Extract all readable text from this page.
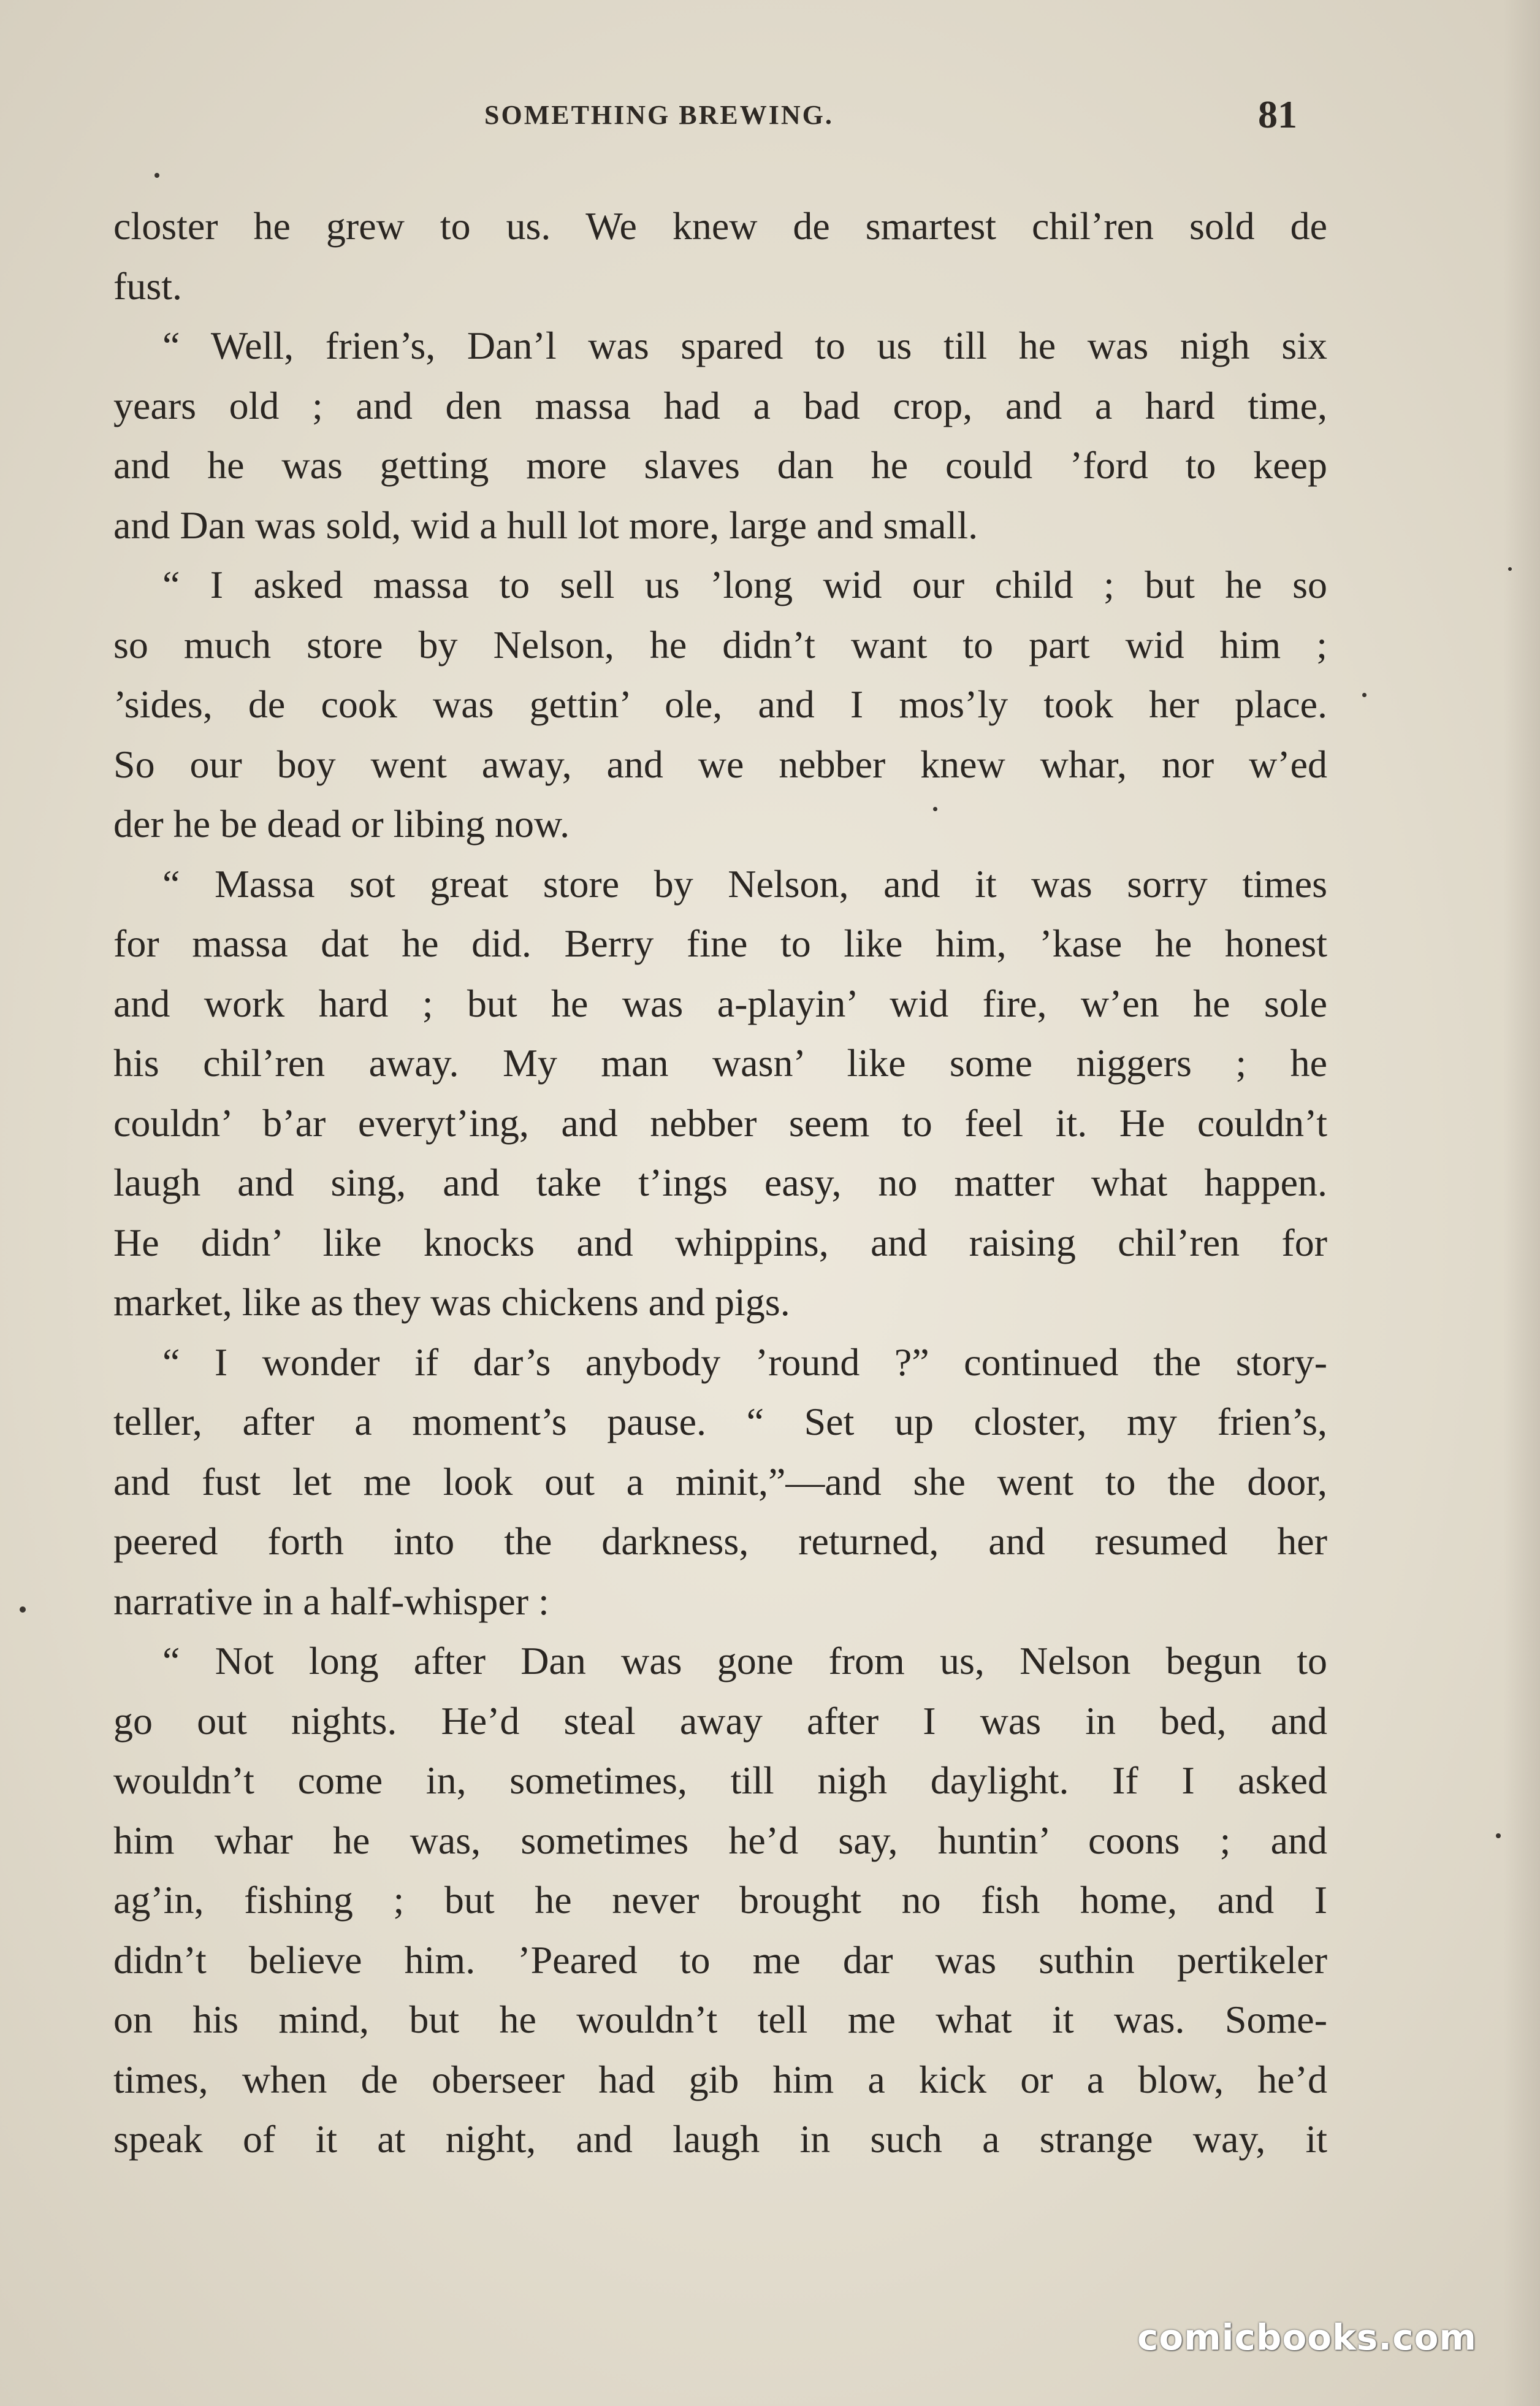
SOMETHING BREWING.	81
closter he grew to us. We knew de smartest chil’ren sold de
fust.
“ Well, frien’s, Dan’l was spared to us till he was nigh six
years old ; and den massa had a bad crop, and a hard time,
and he was getting more slaves dan he could ’ford to keep
and Dan was sold, wid a hull lot more, large and small.
“ I asked massa to sell us ’long wid our child ; but he so
so much store by Nelson, he didn’t want to part wid him ;
’sides, de cook was gettin’ ole, and I mos’ly took her place.
So our boy went away, and we nebber knew whar, nor w’ed
der he be dead or libing now.
“ Massa sot great store by Nelson, and it was sorry times
for massa dat he did. Berry fine to like him, ’kase he honest
and work hard ; but he was a-playin’ wid fire, w’en he sole
his chil’ren away. My man wasn’ like some niggers ; he
couldn’ b’ar everyt’ing, and nebber seem to feel it. He couldn’t
laugh and sing, and take t’ings easy, no matter what happen.
He didn’ like knocks and whippins, and raising chil’ren for
market, like as they was chickens and pigs.
“ I wonder if dar’s anybody ’round ?” continued the story-
teller, after a moment’s pause. “ Set up closter, my frien’s,
and fust let me look out a minit,”—and she went to the door,
peered forth into the darkness, returned, and resumed her
narrative in a half-whisper :
“ Not long after Dan was gone from us, Nelson begun to
go out nights. He’d steal away after I was in bed, and
wouldn’t come in, sometimes, till nigh daylight. If I asked
him whar he was, sometimes he’d say, huntin’ coons ; and
ag’in, fishing ; but he never brought no fish home, and I
didn’t believe him. ’Peared to me dar was suthin pertikeler
on his mind, but he wouldn’t tell me what it was. Some-
times, when de oberseer had gib him a kick or a blow, he’d
speak of it at night, and laugh in such a strange way, it
comicbooks.com
